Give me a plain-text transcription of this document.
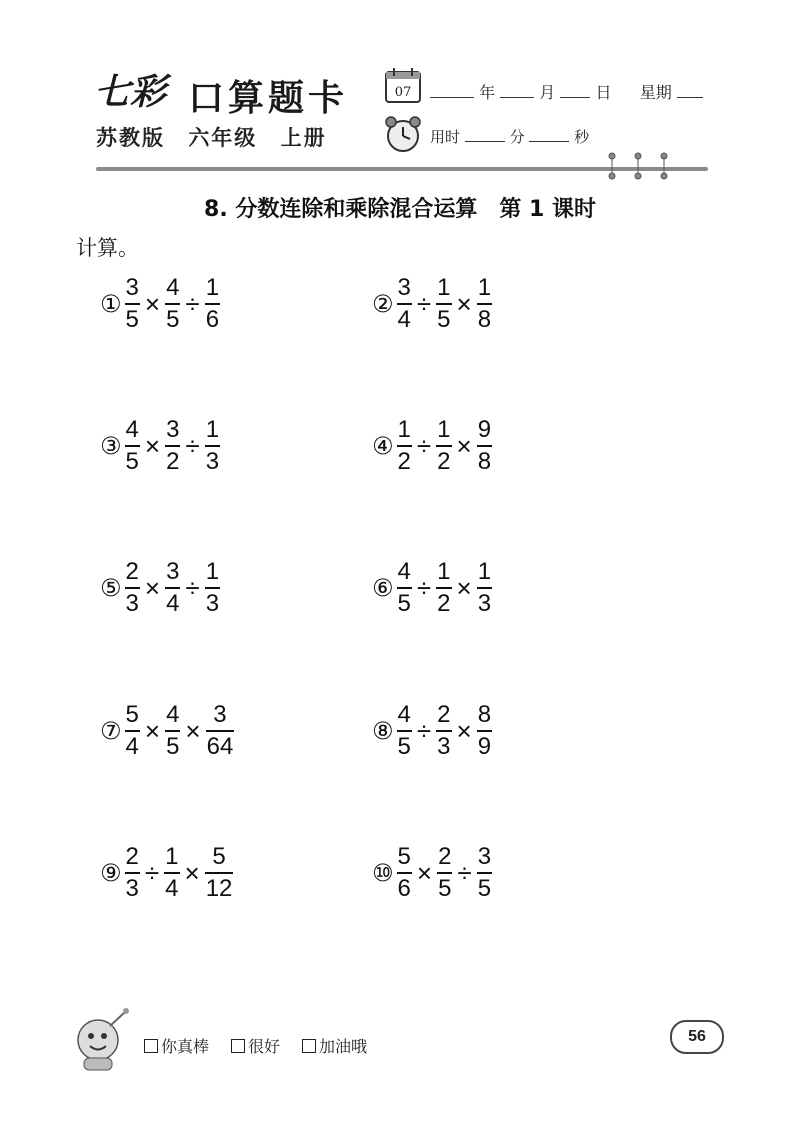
七彩 口算题卡
苏教版 六年级 上册
07	年	月	日 星期
用时	分	秒
8. 分数连除和乘除混合运算　第 1 课时
计算。
① $\frac{3}{5} \times \frac{4}{5} \div \frac{1}{6}$	② $\frac{3}{4} \div \frac{1}{5} \times \frac{1}{8}$
③ $\frac{4}{5} \times \frac{3}{2} \div \frac{1}{3}$	④ $\frac{1}{2} \div \frac{1}{2} \times \frac{9}{8}$
⑤ $\frac{2}{3} \times \frac{3}{4} \div \frac{1}{3}$	⑥ $\frac{4}{5} \div \frac{1}{2} \times \frac{1}{3}$
⑦ $\frac{5}{4} \times \frac{4}{5} \times \frac{3}{64}$	⑧ $\frac{4}{5} \div \frac{2}{3} \times \frac{8}{9}$
⑨ $\frac{2}{3} \div \frac{1}{4} \times \frac{5}{12}$	⑩ $\frac{5}{6} \times \frac{2}{5} \div \frac{3}{5}$
你真棒 很好 加油哦
56
